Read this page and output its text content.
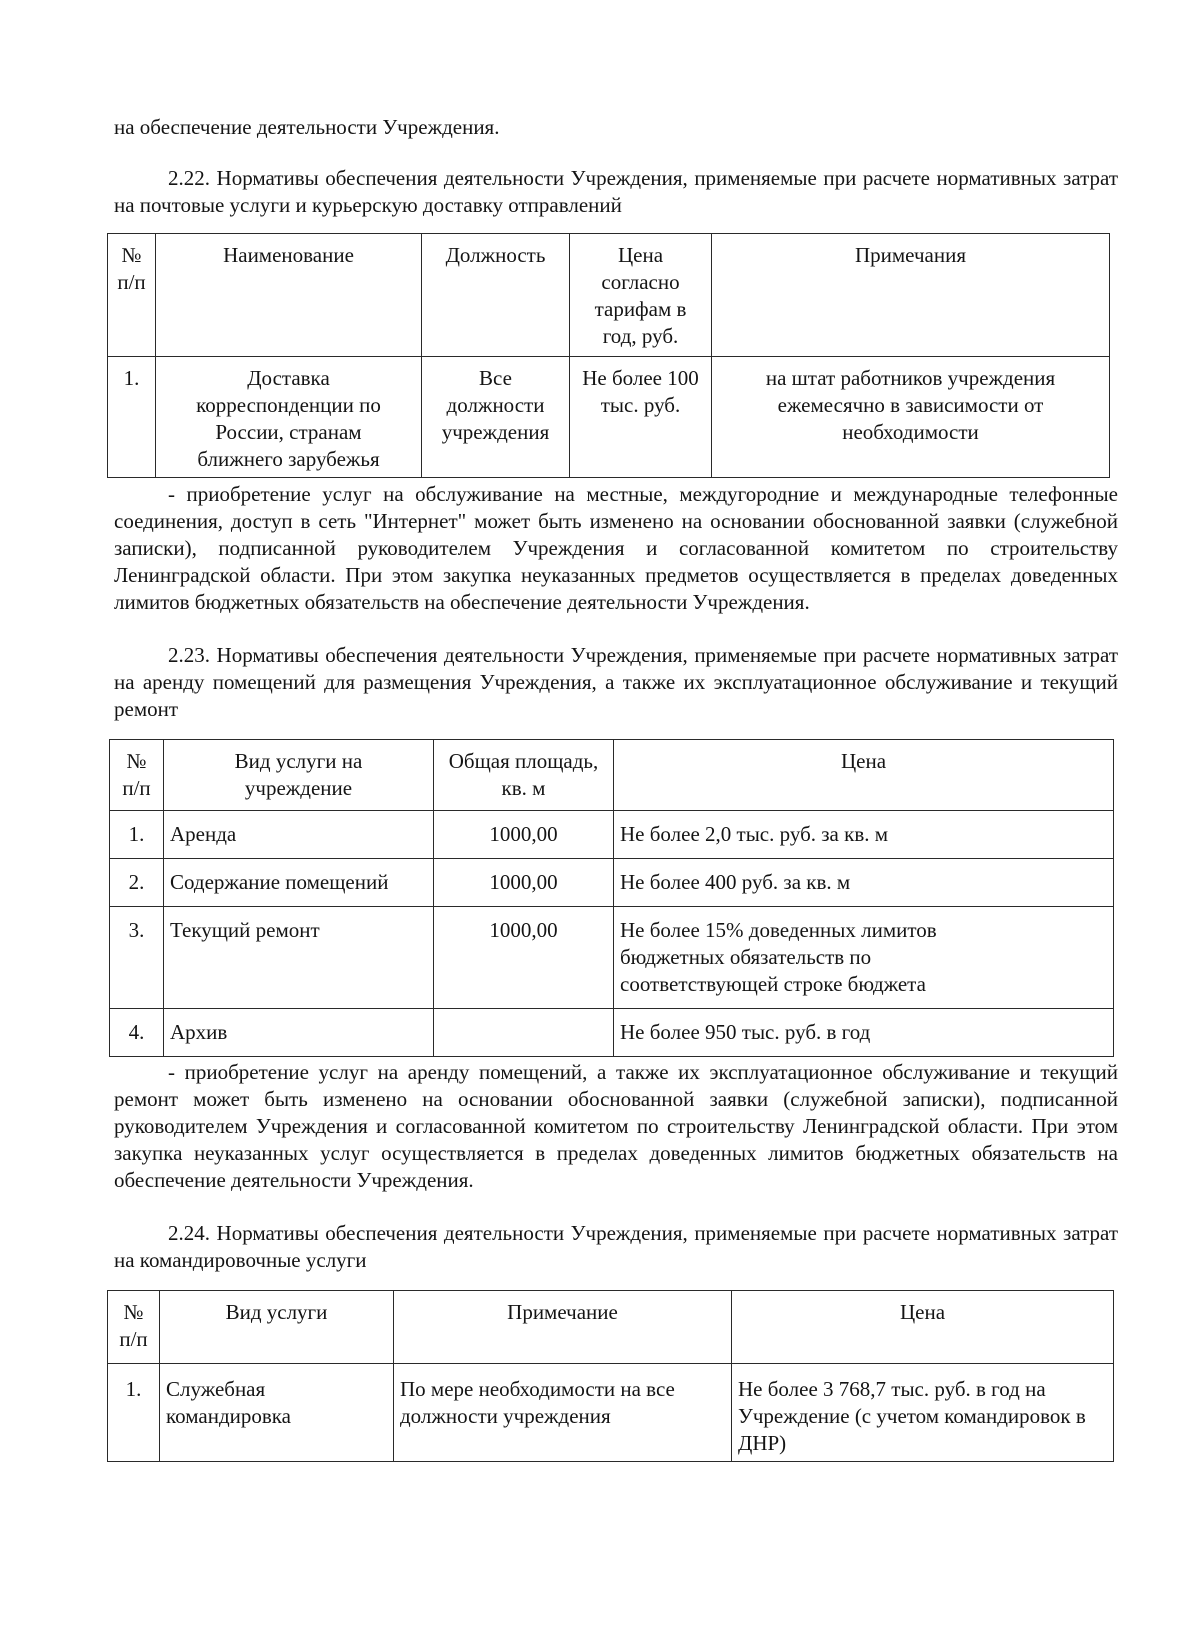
на обеспечение деятельности Учреждения.

2.22. Нормативы обеспечения деятельности Учреждения, применяемые при расчете нормативных затрат на почтовые услуги и курьерскую доставку отправлений

№ п/п	Наименование	Должность	Цена согласно тарифам в год, руб.	Примечания
1.	Доставка корреспонденции по России, странам ближнего зарубежья	Все должности учреждения	Не более 100 тыс. руб.	на штат работников учреждения ежемесячно в зависимости от необходимости

- приобретение услуг на обслуживание на местные, междугородние и международные телефонные соединения, доступ в сеть "Интернет" может быть изменено на основании обоснованной заявки (служебной записки), подписанной руководителем Учреждения и согласованной комитетом по строительству Ленинградской области. При этом закупка неуказанных предметов осуществляется в пределах доведенных лимитов бюджетных обязательств на обеспечение деятельности Учреждения.

2.23. Нормативы обеспечения деятельности Учреждения, применяемые при расчете нормативных затрат на аренду помещений для размещения Учреждения, а также их эксплуатационное обслуживание и текущий ремонт

№ п/п	Вид услуги на учреждение	Общая площадь, кв. м	Цена
1.	Аренда	1000,00	Не более 2,0 тыс. руб. за кв. м
2.	Содержание помещений	1000,00	Не более 400 руб. за кв. м
3.	Текущий ремонт	1000,00	Не более 15% доведенных лимитов бюджетных обязательств по соответствующей строке бюджета
4.	Архив		Не более 950 тыс. руб. в год

- приобретение услуг на аренду помещений, а также их эксплуатационное обслуживание и текущий ремонт может быть изменено на основании обоснованной заявки (служебной записки), подписанной руководителем Учреждения и согласованной комитетом по строительству Ленинградской области. При этом закупка неуказанных услуг осуществляется в пределах доведенных лимитов бюджетных обязательств на обеспечение деятельности Учреждения.

2.24. Нормативы обеспечения деятельности Учреждения, применяемые при расчете нормативных затрат на командировочные услуги

№ п/п	Вид услуги	Примечание	Цена
1.	Служебная командировка	По мере необходимости на все должности учреждения	Не более 3 768,7 тыс. руб. в год на Учреждение (с учетом командировок в ДНР)
